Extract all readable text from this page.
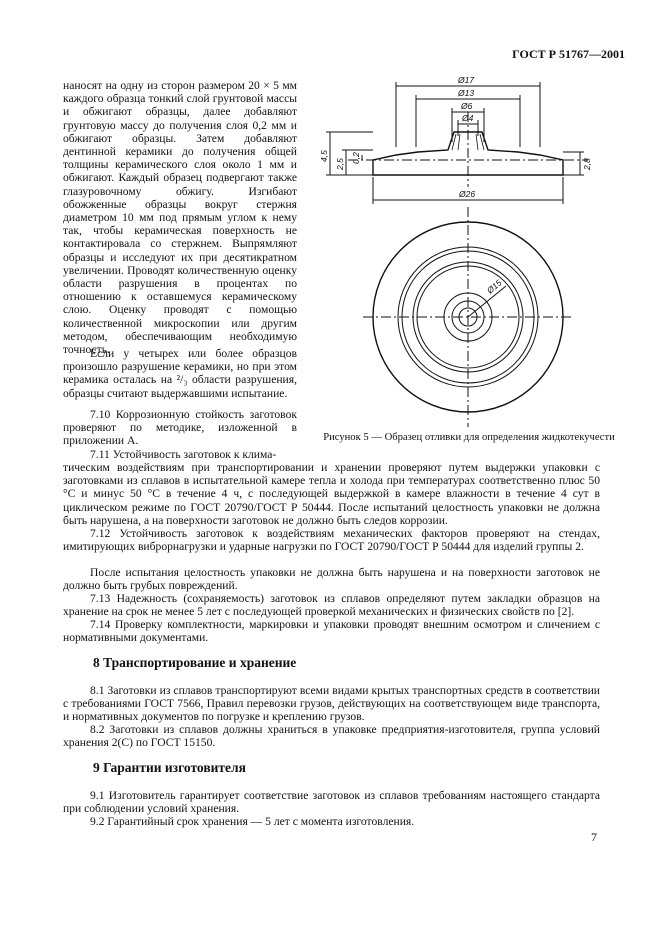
ГОСТ Р 51767—2001

наносят на одну из сторон размером 20 × 5 мм каждого образца тонкий слой грунтовой массы и обжигают образцы, далее добавляют грунтовую массу до получения слоя 0,2 мм и обжигают образцы. Затем добавляют дентинной керамики до получения общей толщины керамического слоя около 1 мм и обжигают. Каждый образец подвергают также глазуровочному обжигу. Изгибают обожженные образцы вокруг стержня диаметром 10 мм под прямым углом к нему так, чтобы керамическая поверхность не контактировала со стержнем. Выпрямляют образцы и исследуют их при десятикратном увеличении. Проводят количественную оценку области разрушения в процентах по отношению к оставшемуся керамическому слою. Оценку проводят с помощью количественной микроскопии или другим методом, обеспечивающим необходимую точность.

Если у четырех или более образцов произошло разрушение керамики, но при этом керамика осталась на ²/₃ области разрушения, образцы считают выдержавшими испытание.

7.10 Коррозионную стойкость заготовок проверяют по методике, изложенной в приложении А.

7.11 Устойчивость заготовок к клима-

Ø17
Ø13
Ø6
Ø4
Ø26
Ø15
4,5
2,5
0,2
2,8
Рисунок 5 — Образец отливки для определения жидкотекучести

тическим воздействиям при транспортировании и хранении проверяют путем выдержки упаковки с заготовками из сплавов в испытательной камере тепла и холода при температурах соответственно плюс 50 °С и минус 50 °С в течение 4 ч, с последующей выдержкой в камере влажности в течение 4 сут в циклическом режиме по ГОСТ 20790/ГОСТ Р 50444. После испытаний целостность упаковки не должна быть нарушена, а на поверхности заготовок не должно быть следов коррозии.

7.12 Устойчивость заготовок к воздействиям механических факторов проверяют на стендах, имитирующих виброрнагрузки и ударные нагрузки по ГОСТ 20790/ГОСТ Р 50444 для изделий группы 2.

После испытания целостность упаковки не должна быть нарушена и на поверхности заготовок не должно быть грубых повреждений.

7.13 Надежность (сохраняемость) заготовок из сплавов определяют путем закладки образцов на хранение на срок не менее 5 лет с последующей проверкой механических и физических свойств по [2].

7.14 Проверку комплектности, маркировки и упаковки проводят внешним осмотром и сличением с нормативными документами.

8 Транспортирование и хранение

8.1 Заготовки из сплавов транспортируют всеми видами крытых транспортных средств в соответствии с требованиями ГОСТ 7566, Правил перевозки грузов, действующих на соответствующем виде транспорта, и нормативных документов по погрузке и креплению грузов.

8.2 Заготовки из сплавов должны храниться в упаковке предприятия-изготовителя, группа условий хранения 2(С) по ГОСТ 15150.

9 Гарантии изготовителя

9.1 Изготовитель гарантирует соответствие заготовок из сплавов требованиям настоящего стандарта при соблюдении условий хранения.

9.2 Гарантийный срок хранения — 5 лет с момента изготовления.

7
